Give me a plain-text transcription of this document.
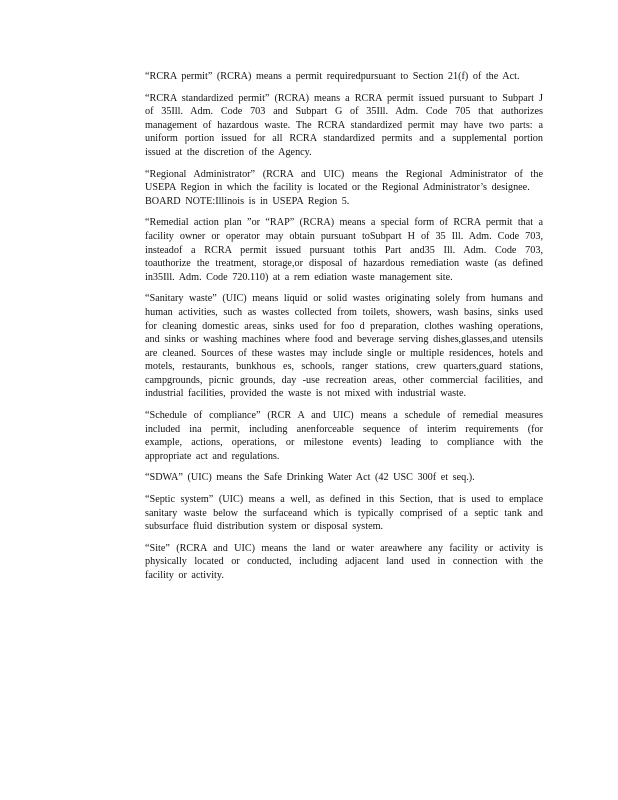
“RCRA permit” (RCRA) means a permit requiredpursuant to Section 21(f) of the Act.

“RCRA standardized permit” (RCRA) means a RCRA permit issued pursuant to Subpart J of 35Ill. Adm. Code 703 and Subpart G of 35Ill. Adm. Code 705 that authorizes management of hazardous waste. The RCRA standardized permit may have two parts: a uniform portion issued for all RCRA standardized permits and a supplemental portion issued at the discretion of the Agency.

“Regional Administrator” (RCRA and UIC) means the Regional Administrator of the USEPA Region in which the facility is located or the Regional Administrator’s designee.
BOARD NOTE:Illinois is in USEPA Region 5.

“Remedial action plan ”or “RAP” (RCRA) means a special form of RCRA permit that a facility owner or operator may obtain pursuant toSubpart H of 35 Ill. Adm. Code 703, insteadof a RCRA permit issued pursuant tothis Part and35 Ill. Adm. Code 703, toauthorize the treatment, storage,or disposal of hazardous remediation waste (as defined in35Ill. Adm. Code 720.110) at a rem ediation waste management site.

“Sanitary waste” (UIC) means liquid or solid wastes originating solely from humans and human activities, such as wastes collected from toilets, showers, wash basins, sinks used for cleaning domestic areas, sinks used for foo d preparation, clothes washing operations, and sinks or washing machines where food and beverage serving dishes,glasses,and utensils are cleaned. Sources of these wastes may include single or multiple residences, hotels and motels, restaurants, bunkhous es, schools, ranger stations, crew quarters,guard stations, campgrounds, picnic grounds, day -use recreation areas, other commercial facilities, and industrial facilities, provided the waste is not mixed with industrial waste.

“Schedule of compliance” (RCR A and UIC) means a schedule of remedial measures included ina permit, including anenforceable sequence of interim requirements (for example, actions, operations, or milestone events) leading to compliance with the appropriate act and regulations.

“SDWA” (UIC) means the Safe Drinking Water Act (42 USC 300f et seq.).

“Septic system” (UIC) means a well, as defined in this Section, that is used to emplace sanitary waste below the surfaceand which is typically comprised of a septic tank and subsurface fluid distribution system or disposal system.

“Site” (RCRA and UIC) means the land or water areawhere any facility or activity is physically located or conducted, including adjacent land used in connection with the facility or activity.
